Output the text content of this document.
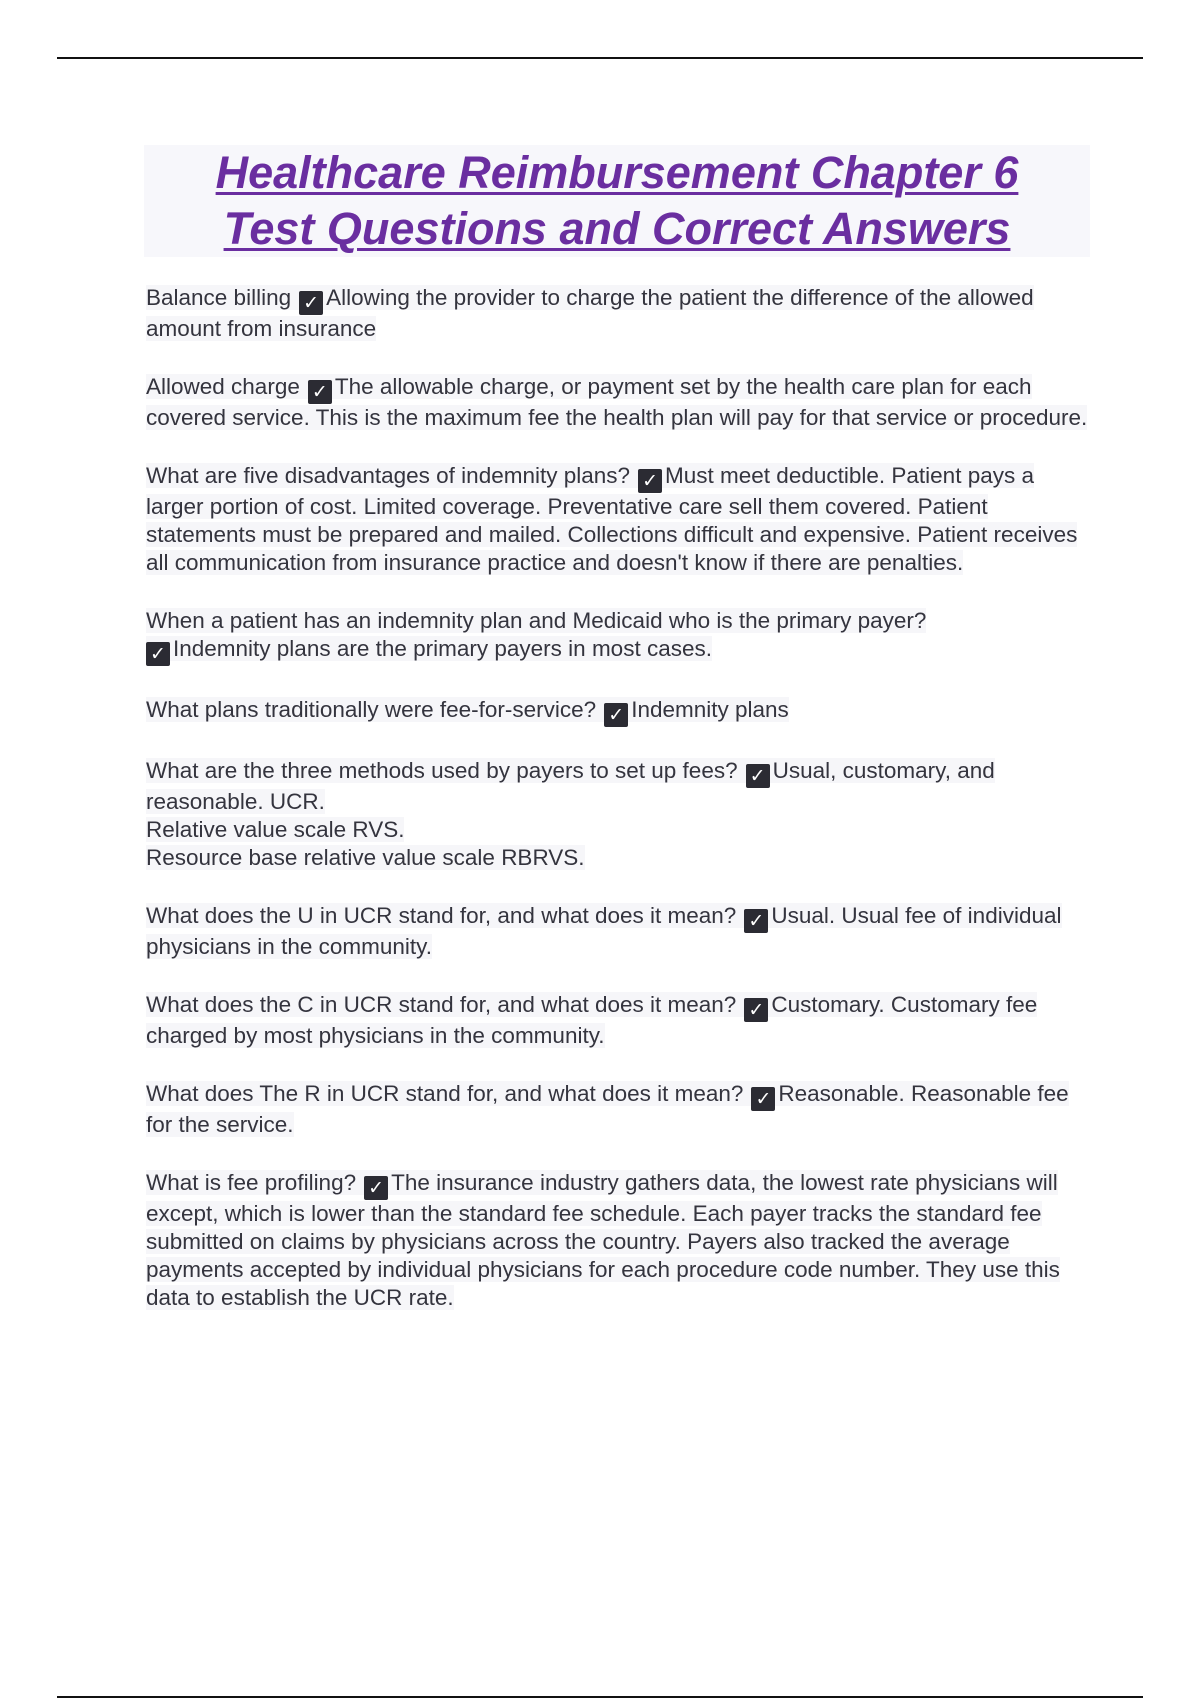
Healthcare Reimbursement Chapter 6
Test Questions and Correct Answers
Balance billing ✓ Allowing the provider to charge the patient the difference of the allowed amount from insurance
Allowed charge ✓ The allowable charge, or payment set by the health care plan for each covered service. This is the maximum fee the health plan will pay for that service or procedure.
What are five disadvantages of indemnity plans? ✓ Must meet deductible. Patient pays a larger portion of cost. Limited coverage. Preventative care sell them covered. Patient statements must be prepared and mailed. Collections difficult and expensive. Patient receives all communication from insurance practice and doesn't know if there are penalties.
When a patient has an indemnity plan and Medicaid who is the primary payer?
✓ Indemnity plans are the primary payers in most cases.
What plans traditionally were fee-for-service? ✓ Indemnity plans
What are the three methods used by payers to set up fees? ✓ Usual, customary, and reasonable. UCR.
Relative value scale RVS.
Resource base relative value scale RBRVS.
What does the U in UCR stand for, and what does it mean? ✓ Usual. Usual fee of individual physicians in the community.
What does the C in UCR stand for, and what does it mean? ✓ Customary. Customary fee charged by most physicians in the community.
What does The R in UCR stand for, and what does it mean? ✓ Reasonable. Reasonable fee for the service.
What is fee profiling? ✓ The insurance industry gathers data, the lowest rate physicians will except, which is lower than the standard fee schedule. Each payer tracks the standard fee submitted on claims by physicians across the country. Payers also tracked the average payments accepted by individual physicians for each procedure code number. They use this data to establish the UCR rate.
